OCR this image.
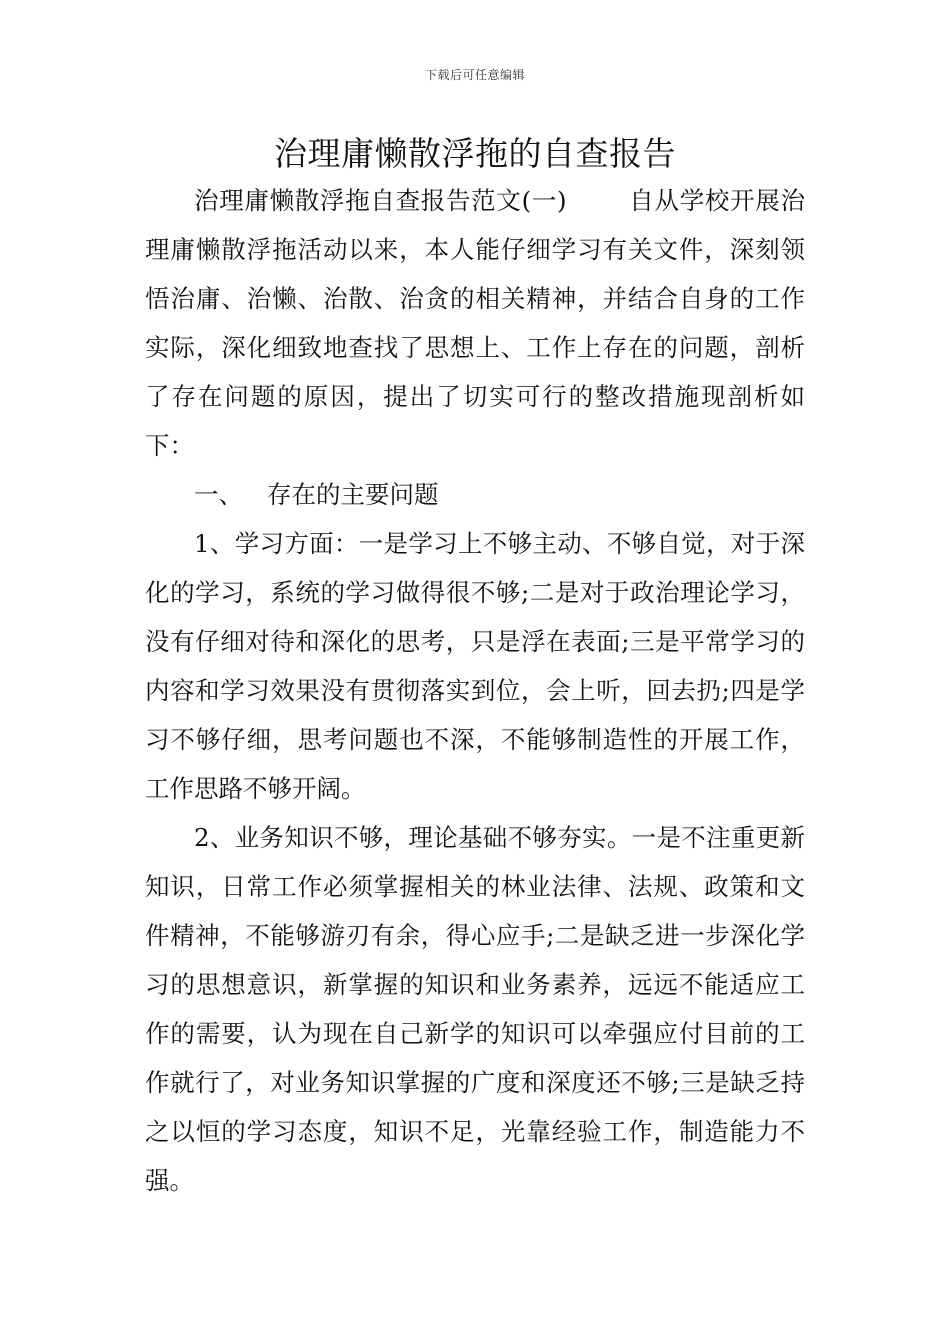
下载后可任意编辑
治理庸懒散浮拖的自查报告

治理庸懒散浮拖自查报告范文(一)	自从学校开展治理庸懒散浮拖活动以来，本人能仔细学习有关文件，深刻领悟治庸、治懒、治散、治贪的相关精神，并结合自身的工作实际，深化细致地查找了思想上、工作上存在的问题，剖析了存在问题的原因，提出了切实可行的整改措施现剖析如下：

一、 存在的主要问题

1、学习方面：一是学习上不够主动、不够自觉，对于深化的学习，系统的学习做得很不够;二是对于政治理论学习，没有仔细对待和深化的思考，只是浮在表面;三是平常学习的内容和学习效果没有贯彻落实到位，会上听，回去扔;四是学习不够仔细，思考问题也不深，不能够制造性的开展工作，工作思路不够开阔。

2、业务知识不够，理论基础不够夯实。一是不注重更新知识，日常工作必须掌握相关的林业法律、法规、政策和文件精神，不能够游刃有余，得心应手;二是缺乏进一步深化学习的思想意识，新掌握的知识和业务素养，远远不能适应工作的需要，认为现在自己新学的知识可以牵强应付目前的工作就行了，对业务知识掌握的广度和深度还不够;三是缺乏持之以恒的学习态度，知识不足，光靠经验工作，制造能力不强。
